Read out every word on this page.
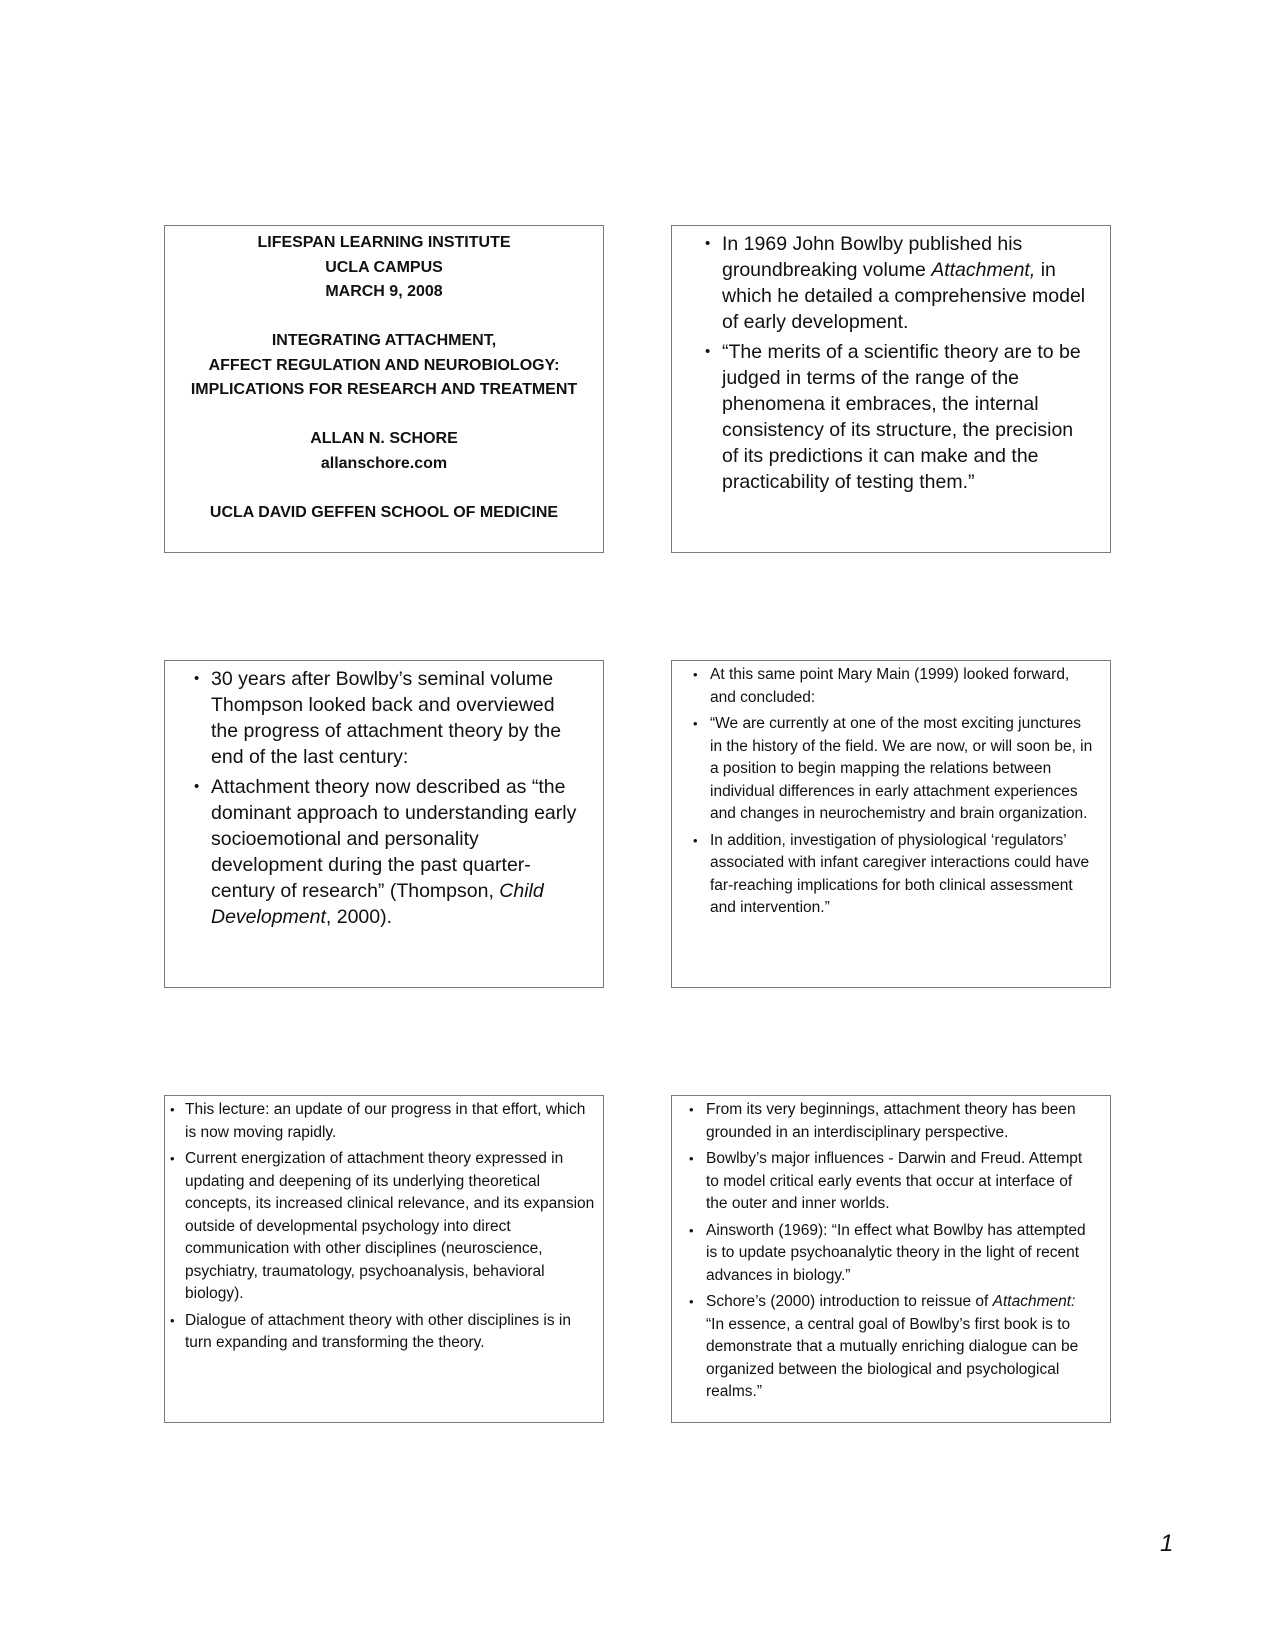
LIFESPAN LEARNING INSTITUTE
UCLA CAMPUS
MARCH 9, 2008
INTEGRATING ATTACHMENT,
AFFECT REGULATION AND NEUROBIOLOGY:
IMPLICATIONS FOR RESEARCH AND TREATMENT
ALLAN N. SCHORE
allanschore.com
UCLA DAVID GEFFEN SCHOOL OF MEDICINE
• In 1969 John Bowlby published his groundbreaking volume Attachment, in which he detailed a comprehensive model of early development.
• “The merits of a scientific theory are to be judged in terms of the range of the phenomena it embraces, the internal consistency of its structure, the precision of its predictions it can make and the practicability of testing them.”
• 30 years after Bowlby’s seminal volume Thompson looked back and overviewed the progress of attachment theory by the end of the last century:
• Attachment theory now described as “the dominant approach to understanding early socioemotional and personality development during the past quarter-century of research” (Thompson, Child Development, 2000).
• At this same point Mary Main (1999) looked forward, and concluded:
• “We are currently at one of the most exciting junctures in the history of the field. We are now, or will soon be, in a position to begin mapping the relations between individual differences in early attachment experiences and changes in neurochemistry and brain organization.
• In addition, investigation of physiological ‘regulators’ associated with infant caregiver interactions could have far-reaching implications for both clinical assessment and intervention.”
• This lecture: an update of our progress in that effort, which is now moving rapidly.
• Current energization of attachment theory expressed in updating and deepening of its underlying theoretical concepts, its increased clinical relevance, and its expansion outside of developmental psychology into direct communication with other disciplines (neuroscience, psychiatry, traumatology, psychoanalysis, behavioral biology).
• Dialogue of attachment theory with other disciplines is in turn expanding and transforming the theory.
• From its very beginnings, attachment theory has been grounded in an interdisciplinary perspective.
• Bowlby’s major influences - Darwin and Freud. Attempt to model critical early events that occur at interface of the outer and inner worlds.
• Ainsworth (1969): “In effect what Bowlby has attempted is to update psychoanalytic theory in the light of recent advances in biology.”
• Schore’s (2000) introduction to reissue of Attachment: “In essence, a central goal of Bowlby’s first book is to demonstrate that a mutually enriching dialogue can be organized between the biological and psychological realms.”
1
